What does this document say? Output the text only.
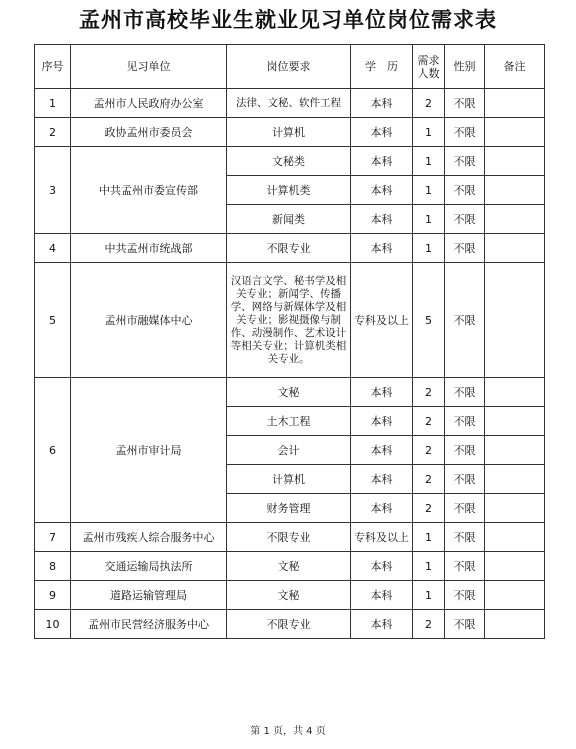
孟州市高校毕业生就业见习单位岗位需求表
序号	见习单位	岗位要求	学　历	需求人数	性别	备注
1	孟州市人民政府办公室	法律、文秘、软件工程	本科	2	不限	
2	政协孟州市委员会	计算机	本科	1	不限	
3	中共孟州市委宣传部	文秘类	本科	1	不限	
		计算机类	本科	1	不限	
		新闻类	本科	1	不限	
4	中共孟州市统战部	不限专业	本科	1	不限	
5	孟州市融媒体中心	汉语言文学、秘书学及相关专业；新闻学、传播学、网络与新媒体学及相关专业；影视摄像与制作、动漫制作、艺术设计等相关专业；计算机类相关专业。	专科及以上	5	不限	
6	孟州市审计局	文秘	本科	2	不限	
		土木工程	本科	2	不限	
		会计	本科	2	不限	
		计算机	本科	2	不限	
		财务管理	本科	2	不限	
7	孟州市残疾人综合服务中心	不限专业	专科及以上	1	不限	
8	交通运输局执法所	文秘	本科	1	不限	
9	道路运输管理局	文秘	本科	1	不限	
10	孟州市民营经济服务中心	不限专业	本科	2	不限	
第 1 页，共 4 页
